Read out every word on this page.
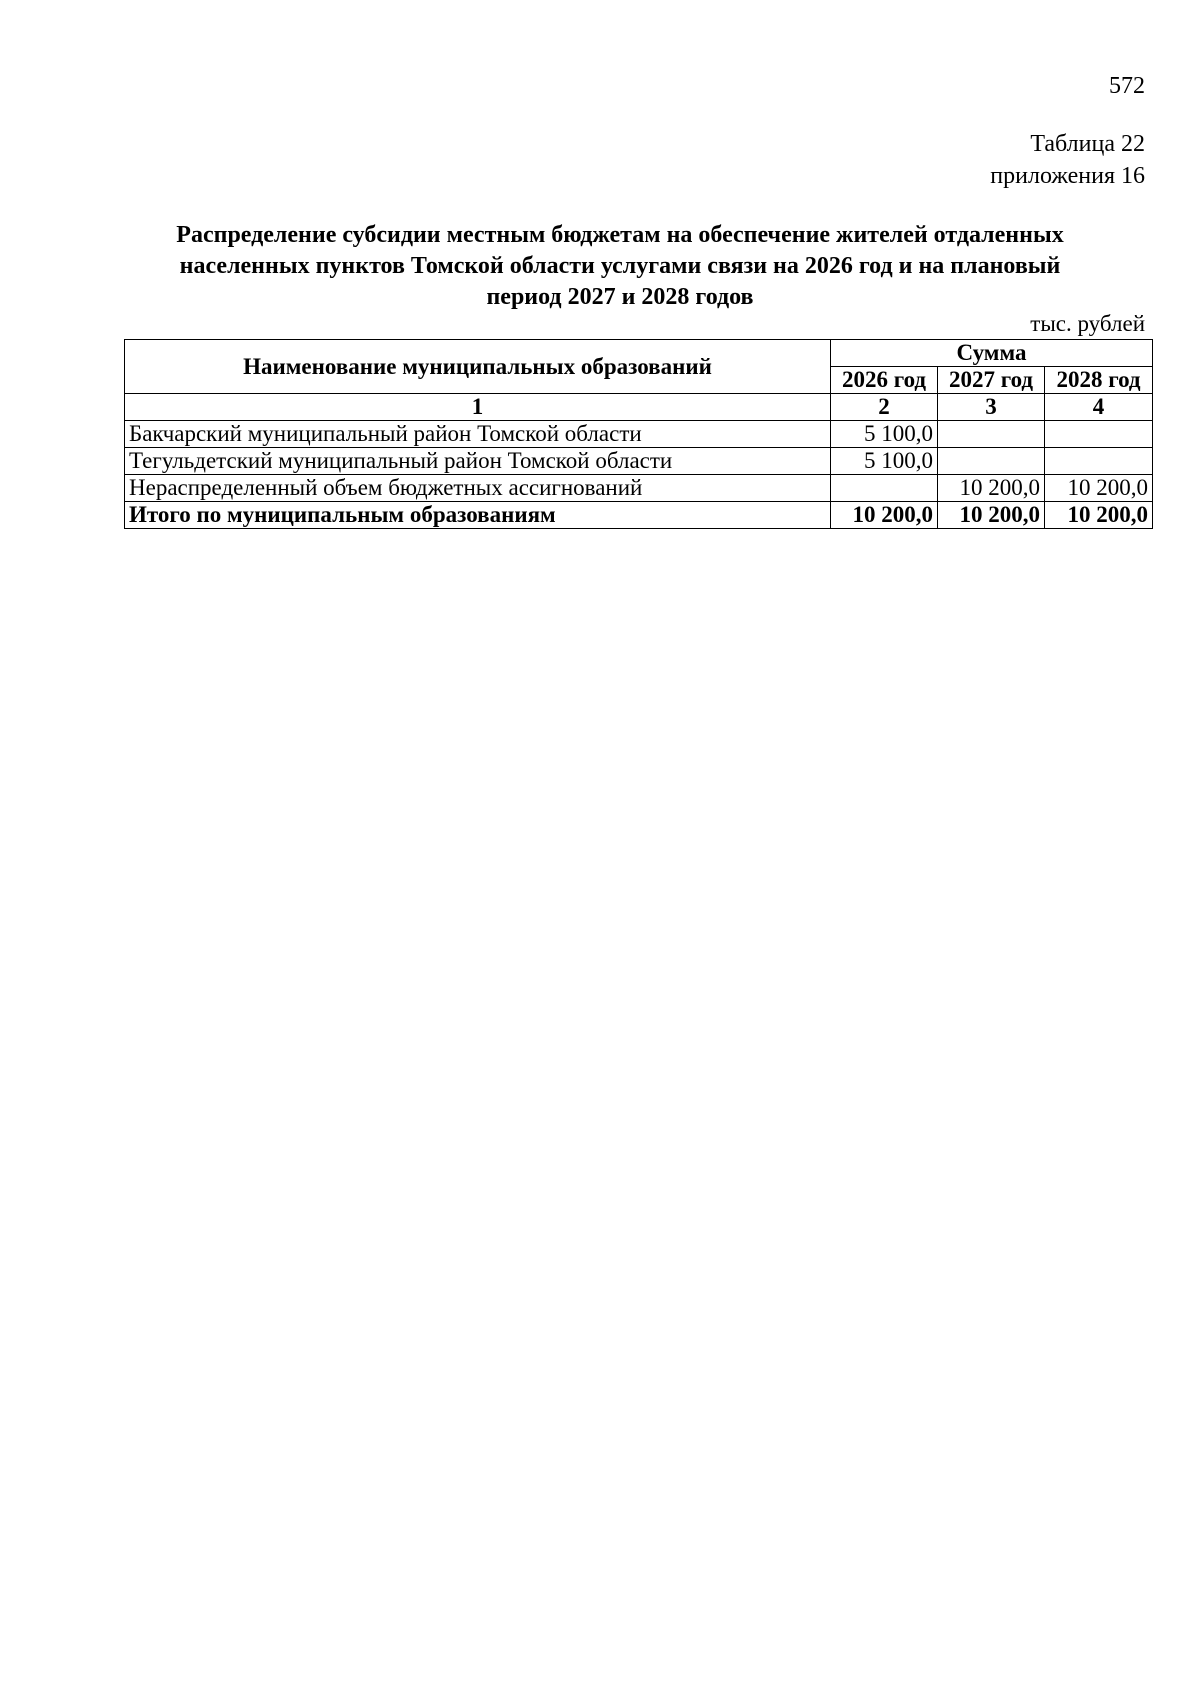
572
Таблица 22
приложения 16
Распределение субсидии местным бюджетам на обеспечение жителей отдаленных
населенных пунктов Томской области услугами связи на 2026 год и на плановый
период 2027 и 2028 годов
тыс. рублей
Наименование муниципальных образований	Сумма		
	2026 год	2027 год	2028 год
1	2	3	4
Бакчарский муниципальный район Томской области	5 100,0		
Тегульдетский муниципальный район Томской области	5 100,0		
Нераспределенный объем бюджетных ассигнований		10 200,0	10 200,0
Итого по муниципальным образованиям	10 200,0	10 200,0	10 200,0
